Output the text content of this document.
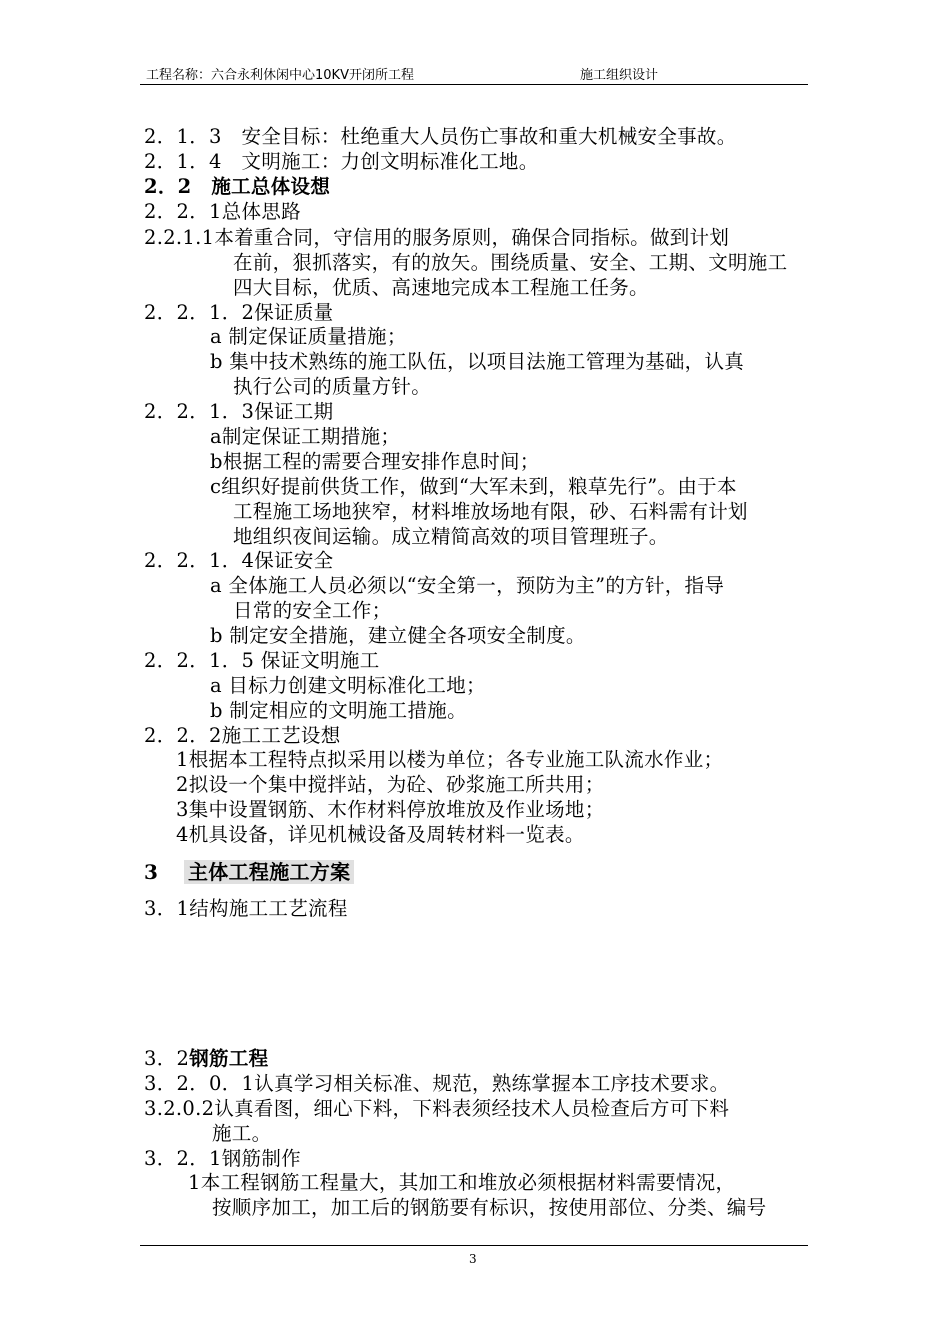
工程名称：六合永利休闲中心10KV开闭所工程	施工组织设计
2．1．3　安全目标：杜绝重大人员伤亡事故和重大机械安全事故。
2．1．4　文明施工：力创文明标准化工地。
2．2　施工总体设想
2．2．1总体思路
2.2.1.1本着重合同，守信用的服务原则，确保合同指标。做到计划
在前，狠抓落实，有的放矢。围绕质量、安全、工期、文明施工
四大目标，优质、高速地完成本工程施工任务。
2．2．1．2保证质量
a 制定保证质量措施；
b 集中技术熟练的施工队伍，以项目法施工管理为基础，认真
执行公司的质量方针。
2．2．1．3保证工期
a制定保证工期措施；
b根据工程的需要合理安排作息时间；
c组织好提前供货工作，做到“大军未到，粮草先行”。由于本
工程施工场地狭窄，材料堆放场地有限，砂、石料需有计划
地组织夜间运输。成立精简高效的项目管理班子。
2．2．1．4保证安全
a 全体施工人员必须以“安全第一，预防为主”的方针，指导
日常的安全工作；
b 制定安全措施，建立健全各项安全制度。
2．2．1．5 保证文明施工
a 目标力创建文明标准化工地；
b 制定相应的文明施工措施。
2．2．2施工工艺设想
1根据本工程特点拟采用以楼为单位；各专业施工队流水作业；
2拟设一个集中搅拌站，为砼、砂浆施工所共用；
3集中设置钢筋、木作材料停放堆放及作业场地；
4机具设备，详见机械设备及周转材料一览表。
3 主体工程施工方案
3．1结构施工工艺流程
3．2钢筋工程
3．2．0．1认真学习相关标准、规范，熟练掌握本工序技术要求。
3.2.0.2认真看图，细心下料，下料表须经技术人员检查后方可下料
施工。
3．2．1钢筋制作
1本工程钢筋工程量大，其加工和堆放必须根据材料需要情况，
按顺序加工，加工后的钢筋要有标识，按使用部位、分类、编号
3
